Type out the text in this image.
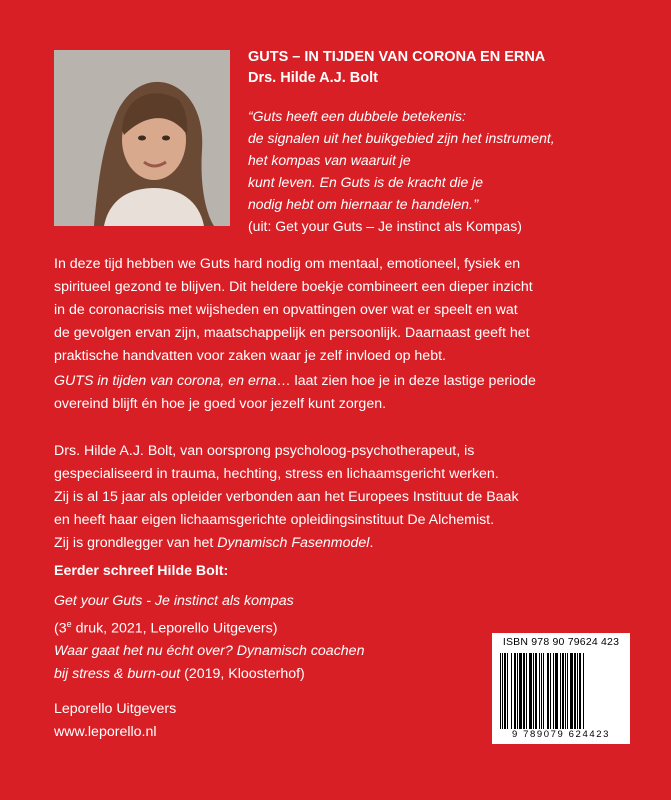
GUTS – IN TIJDEN VAN CORONA EN ERNA
Drs. Hilde A.J. Bolt
“Guts heeft een dubbele betekenis:
de signalen uit het buikgebied zijn het instrument,
het kompas van waaruit je
kunt leven. En Guts is de kracht die je
nodig hebt om hiernaar te handelen.’’
(uit: Get your Guts – Je instinct als Kompas)
In deze tijd hebben we Guts hard nodig om mentaal, emotioneel, fysiek en
spiritueel gezond te blijven. Dit heldere boekje combineert een dieper inzicht
in de coronacrisis met wijsheden en opvattingen over wat er speelt en wat
de gevolgen ervan zijn, maatschappelijk en persoonlijk. Daarnaast geeft het
praktische handvatten voor zaken waar je zelf invloed op hebt.
GUTS in tijden van corona, en erna… laat zien hoe je in deze lastige periode
overeind blijft én hoe je goed voor jezelf kunt zorgen.
Drs. Hilde A.J. Bolt, van oorsprong psycholoog-psychotherapeut, is
gespecialiseerd in trauma, hechting, stress en lichaamsgericht werken.
Zij is al 15 jaar als opleider verbonden aan het Europees Instituut de Baak
en heeft haar eigen lichaamsgerichte opleidingsinstituut De Alchemist.
Zij is grondlegger van het Dynamisch Fasenmodel.
Eerder schreef Hilde Bolt:
Get your Guts - Je instinct als kompas
(3e druk, 2021, Leporello Uitgevers)
Waar gaat het nu écht over? Dynamisch coachen
bij stress & burn-out (2019, Kloosterhof)
Leporello Uitgevers
www.leporello.nl
ISBN 978 90 79624 423
9 789079 624423
